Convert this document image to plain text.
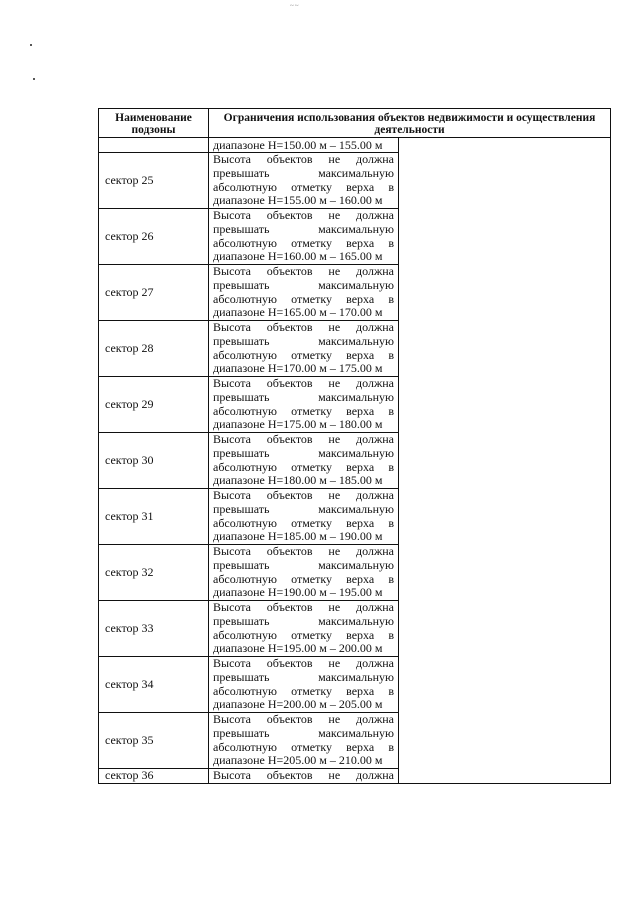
~~
Наименование подзоны	Ограничения использования объектов недвижимости и осуществления деятельности	
	диапазоне H=150.00 м – 155.00 м	
сектор 25	Высота объектов не должна
превышать максимальную
абсолютную отметку верха в
диапазоне H=155.00 м – 160.00 м	

сектор 26	Высота объектов не должна
превышать максимальную
абсолютную отметку верха в
диапазоне H=160.00 м – 165.00 м	

сектор 27	Высота объектов не должна
превышать максимальную
абсолютную отметку верха в
диапазоне H=165.00 м – 170.00 м	

сектор 28	Высота объектов не должна
превышать максимальную
абсолютную отметку верха в
диапазоне H=170.00 м – 175.00 м	

сектор 29	Высота объектов не должна
превышать максимальную
абсолютную отметку верха в
диапазоне H=175.00 м – 180.00 м	

сектор 30	Высота объектов не должна
превышать максимальную
абсолютную отметку верха в
диапазоне H=180.00 м – 185.00 м	

сектор 31	Высота объектов не должна
превышать максимальную
абсолютную отметку верха в
диапазоне H=185.00 м – 190.00 м	

сектор 32	Высота объектов не должна
превышать максимальную
абсолютную отметку верха в
диапазоне H=190.00 м – 195.00 м	

сектор 33	Высота объектов не должна
превышать максимальную
абсолютную отметку верха в
диапазоне H=195.00 м – 200.00 м	

сектор 34	Высота объектов не должна
превышать максимальную
абсолютную отметку верха в
диапазоне H=200.00 м – 205.00 м	

сектор 35	Высота объектов не должна
превышать максимальную
абсолютную отметку верха в
диапазоне H=205.00 м – 210.00 м	

сектор 36	Высота объектов не должна	
